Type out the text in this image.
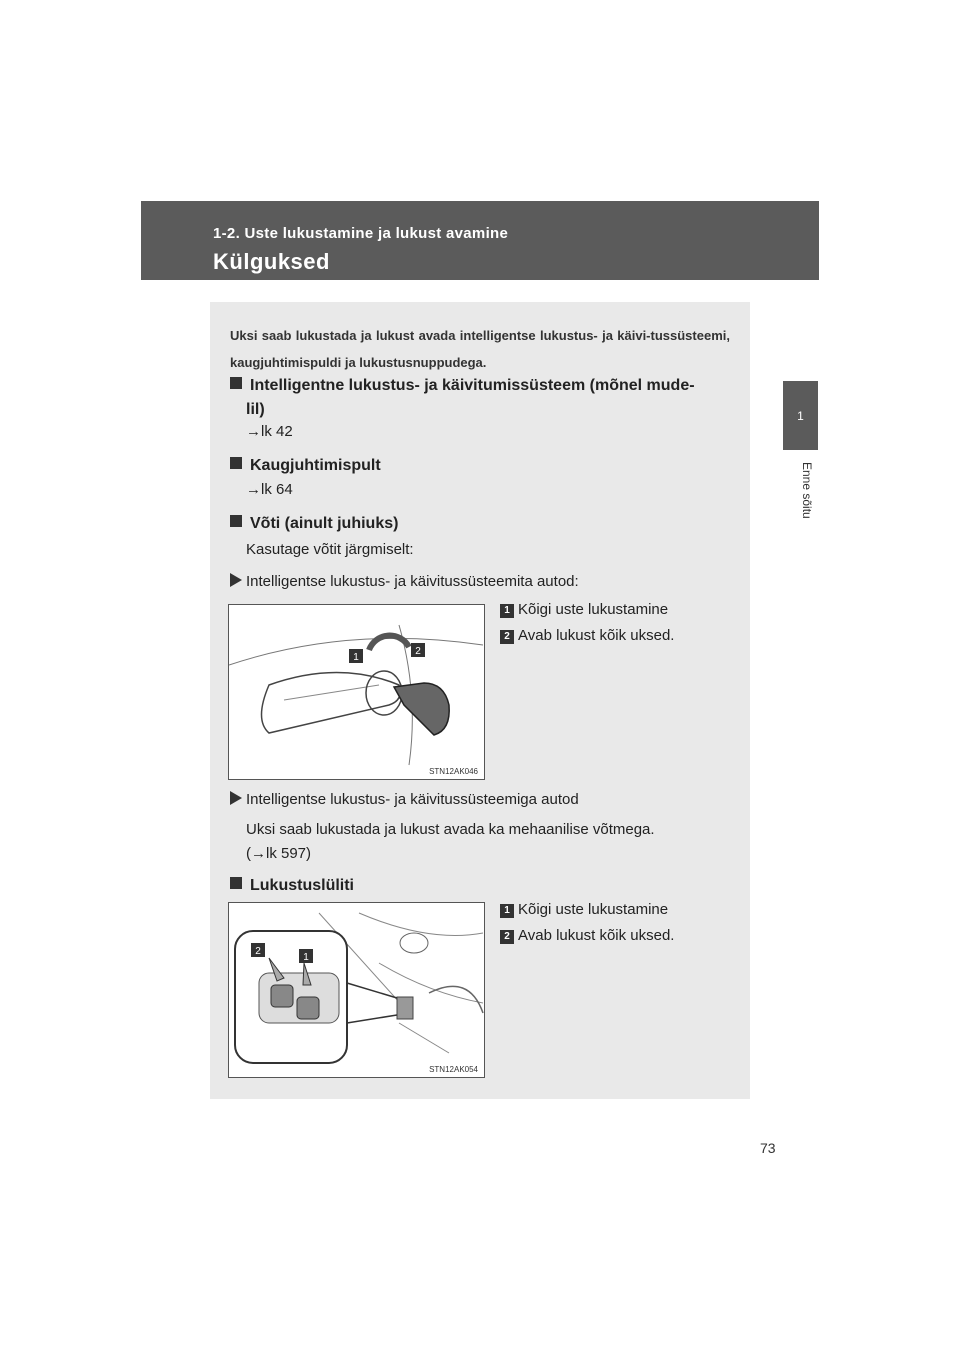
1-2. Uste lukustamine ja lukust avamine
Külguksed
1
Enne sõitu
Uksi saab lukustada ja lukust avada intelligentse lukustus- ja käivi-tussüsteemi, kaugjuhtimispuldi ja lukustusnuppudega.
Intelligentne lukustus- ja käivitumissüsteem (mõnel mude-
lil)
→lk 42
Kaugjuhtimispult
→lk 64
Võti (ainult juhiuks)
Kasutage võtit järgmiselt:
Intelligentse lukustus- ja käivitussüsteemita autod:
1 Kõigi uste lukustamine
2 Avab lukust kõik uksed.
1
2
STN12AK046
Intelligentse lukustus- ja käivitussüsteemiga autod
Uksi saab lukustada ja lukust avada ka mehaanilise võtmega.
(→lk 597)
Lukustuslüliti
1 Kõigi uste lukustamine
2 Avab lukust kõik uksed.
2
1
STN12AK054
73
